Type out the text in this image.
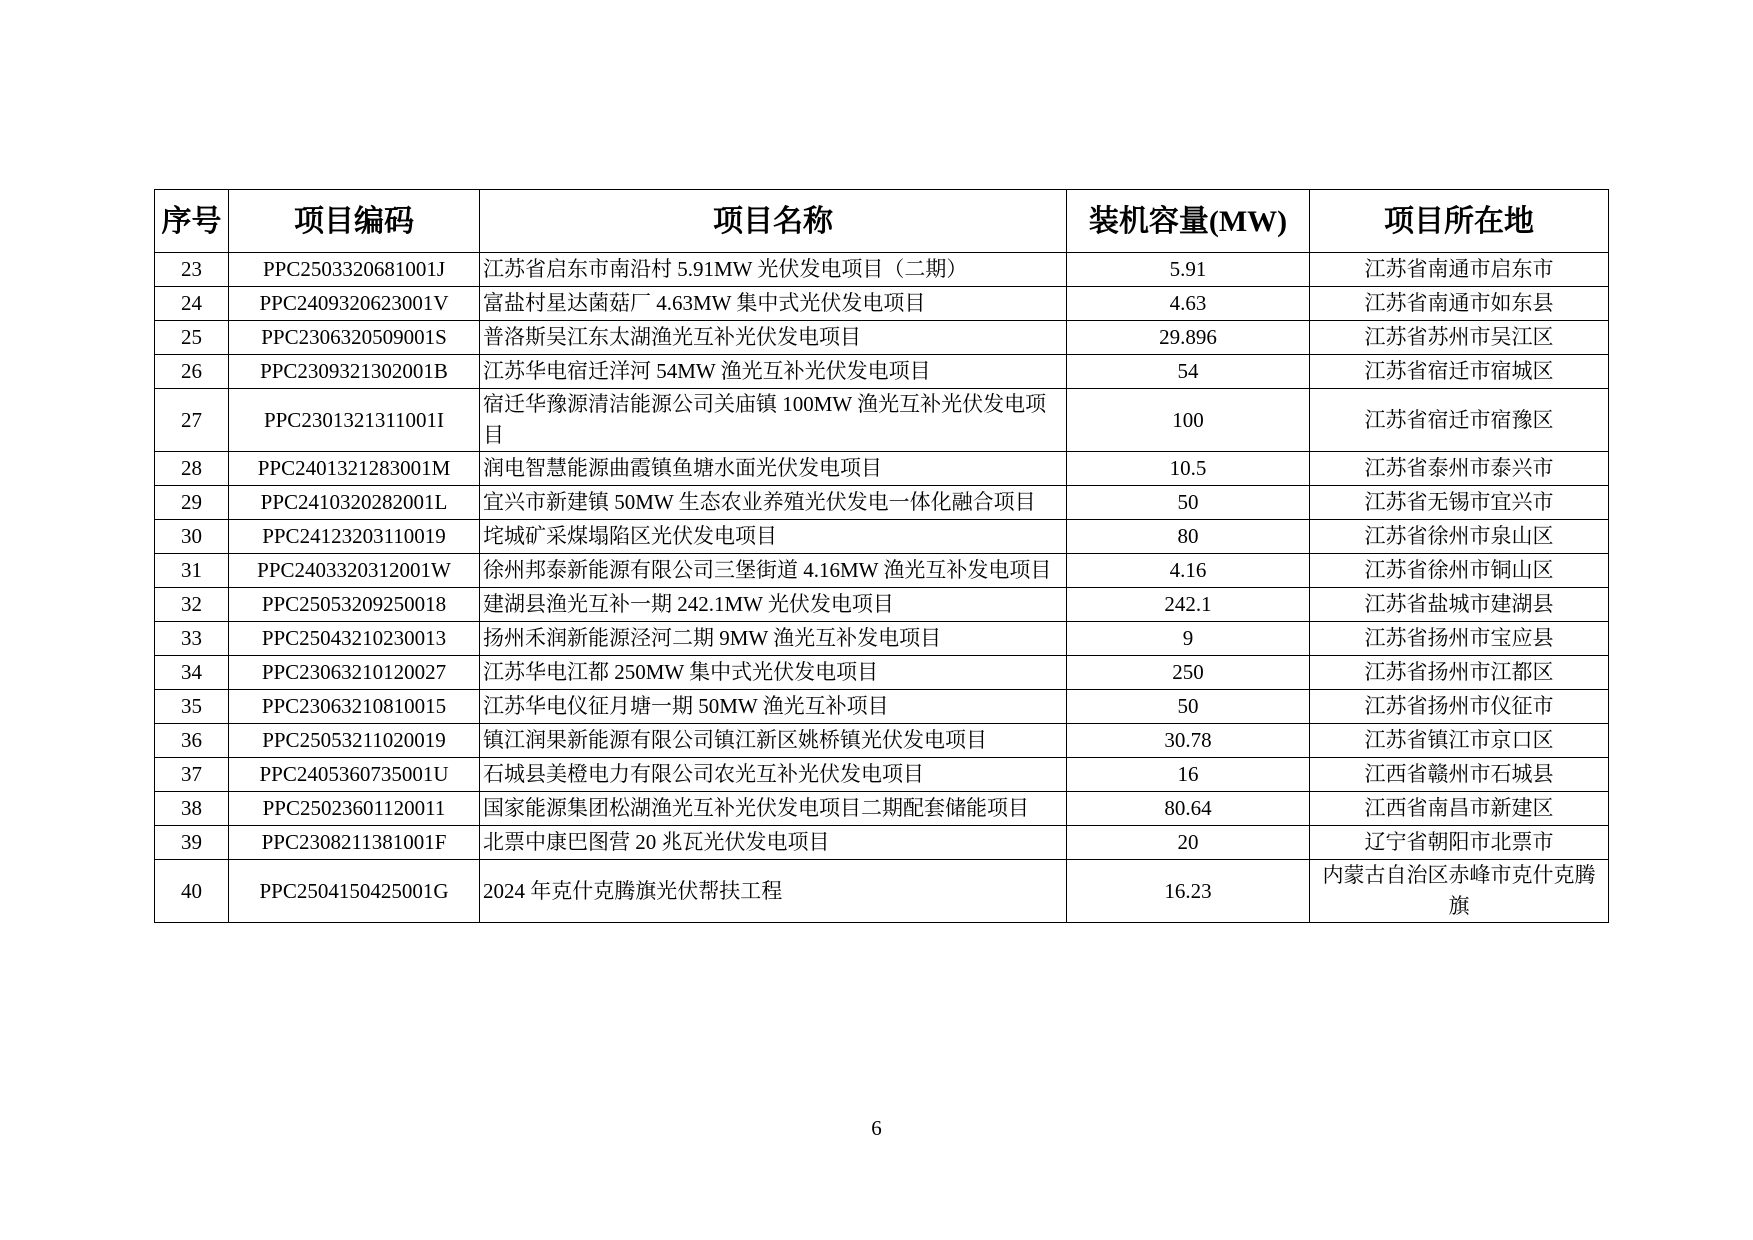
序号	项目编码	项目名称	装机容量(MW)	项目所在地
23	PPC2503320681001J	江苏省启东市南沿村 5.91MW 光伏发电项目（二期）	5.91	江苏省南通市启东市
24	PPC2409320623001V	富盐村星达菌菇厂 4.63MW 集中式光伏发电项目	4.63	江苏省南通市如东县
25	PPC2306320509001S	普洛斯吴江东太湖渔光互补光伏发电项目	29.896	江苏省苏州市吴江区
26	PPC2309321302001B	江苏华电宿迁洋河 54MW 渔光互补光伏发电项目	54	江苏省宿迁市宿城区
27	PPC2301321311001I	宿迁华豫源清洁能源公司关庙镇 100MW 渔光互补光伏发电项目	100	江苏省宿迁市宿豫区
28	PPC2401321283001M	润电智慧能源曲霞镇鱼塘水面光伏发电项目	10.5	江苏省泰州市泰兴市
29	PPC2410320282001L	宜兴市新建镇 50MW 生态农业养殖光伏发电一体化融合项目	50	江苏省无锡市宜兴市
30	PPC24123203110019	垞城矿采煤塌陷区光伏发电项目	80	江苏省徐州市泉山区
31	PPC2403320312001W	徐州邦泰新能源有限公司三堡街道 4.16MW 渔光互补发电项目	4.16	江苏省徐州市铜山区
32	PPC25053209250018	建湖县渔光互补一期 242.1MW 光伏发电项目	242.1	江苏省盐城市建湖县
33	PPC25043210230013	扬州禾润新能源泾河二期 9MW 渔光互补发电项目	9	江苏省扬州市宝应县
34	PPC23063210120027	江苏华电江都 250MW 集中式光伏发电项目	250	江苏省扬州市江都区
35	PPC23063210810015	江苏华电仪征月塘一期 50MW 渔光互补项目	50	江苏省扬州市仪征市
36	PPC25053211020019	镇江润果新能源有限公司镇江新区姚桥镇光伏发电项目	30.78	江苏省镇江市京口区
37	PPC2405360735001U	石城县美橙电力有限公司农光互补光伏发电项目	16	江西省赣州市石城县
38	PPC25023601120011	国家能源集团松湖渔光互补光伏发电项目二期配套储能项目	80.64	江西省南昌市新建区
39	PPC2308211381001F	北票中康巴图营 20 兆瓦光伏发电项目	20	辽宁省朝阳市北票市
40	PPC2504150425001G	2024 年克什克腾旗光伏帮扶工程	16.23	内蒙古自治区赤峰市克什克腾旗
6
